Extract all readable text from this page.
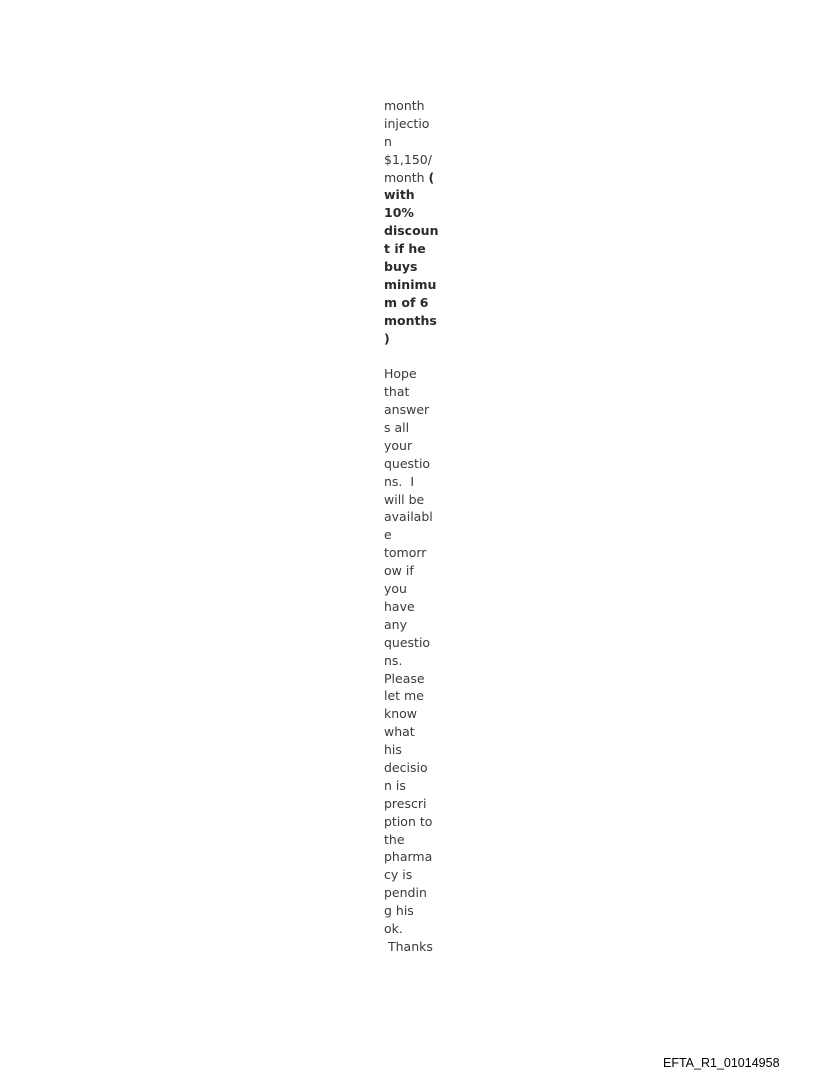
month
injectio
n
$1,150/
month (
with
10%
discoun
t if he
buys
minimu
m of 6
months
)
Hope
that
answer
s all
your
questio
ns.  I
will be
availabl
e
tomorr
ow if
you
have
any
questio
ns.
Please
let me
know
what
his
decisio
n is
prescri
ption to
the
pharma
cy is
pendin
g his
ok.
Thanks
EFTA_R1_01014958
